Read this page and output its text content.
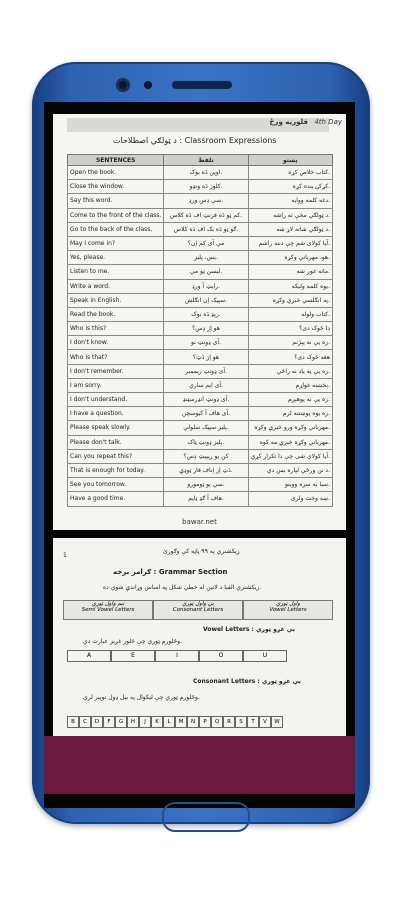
قلوریه ورځ 4th Day
د ټولګي اصطلاحات : Classroom Expressions
SENTENCES	تلفظ	پښتو
Open the book.	اوپن دَه بوک.	کتاب خلاص کړه.
Close the window.	کلوز دَه ونډو.	کړکۍ بنده کړه.
Say this word.	سې دِس ورډ.	دغه کلمه ووایه.
Come to the front of the class.	کم ټو دَه فرنټ اف دَه کلاس.	د ټولګي مخې ته راشه.
Go to the back of the class.	ګو ټو دَه بک اف دَه کلاس.	د ټولګي شاته لاړ شه.
May I come in?	مې آی کم اِن؟	آیا کولای شم چې دننه راشم.
Yes, please.	یس، پلیز.	هو، مهرباني وکړه.
Listen to me.	لیسن ټو مي.	ماته غوږ شه.
Write a word.	رایټ آ ورډ.	یوه کلمه ولیکه.
Speak in English.	سپیک اِن انګلش.	په انګلسي خبري وکړه.
Read the book.	ریډ دَه بوک.	کتاب ولوله.
Who is this?	هو اِز دِس؟	دا څوک دی؟
I don't know.	آی ډونټ نو.	زه یې نه پېژنم.
Who is that?	هو اِز دَټ؟	هغه څوک دی؟
I don't remember.	آی ډونټ ریممبر.	زه یې په یاد نه راځي.
I am sorry.	آی ایم ساري.	بخښنه غواړم.
I don't understand.	آی ډونټ انډرسټنډ.	زه یې نه پوهېږم.
I have a question.	آی هاف آ کیوسچن.	زه یوه پوښتنه لرم.
Please speak slowly.	پلیز سپیک سلولي.	مهرباني وکړه ورو خبرې وکړه.
Please don't talk.	پلیز ډونټ ټاک.	مهرباني وکړه خبرې مه کوه.
Can you repeat this?	کن یو ریپیټ دِس؟	آیا کولای شی چې دا تکرار کړي.
That is enough for today.	دَټ اِز اِناف فار ټوډې.	د نن ورځې لپاره بس دي.
See you tomorrow.	سي یو ټومورو.	سبا به سره ووینو.
Have a good time.	هاف آ ګډ ټایم.	ښه وخت ولری.
bawar.net
زیکشنري په ۹۹ پاڼه کې وګورئ
1
ګرامر برخه : Grammar Section
زیکشنري الفبا د لاتین له خطي شکل په اساس وړاندې شوي ده.
نیم واول ټوري
Semi Vowel Letters
بې واول ټوري
Consonant Letters
واول ټوري
Vowel Letters
Vowel Letters : بې غږو ټوري
وڅلورم ټوري چې څلور غږیز عبارت دي.
A	E	I	O	U
Consonant Letters : بې غږو ټوري
وڅلورم ټوري چې لیکوال په بیل ډول توپیر لري.
B	C	D	F	G	H	J	K	L	M	N	P	Q	R	S	T	V	W
